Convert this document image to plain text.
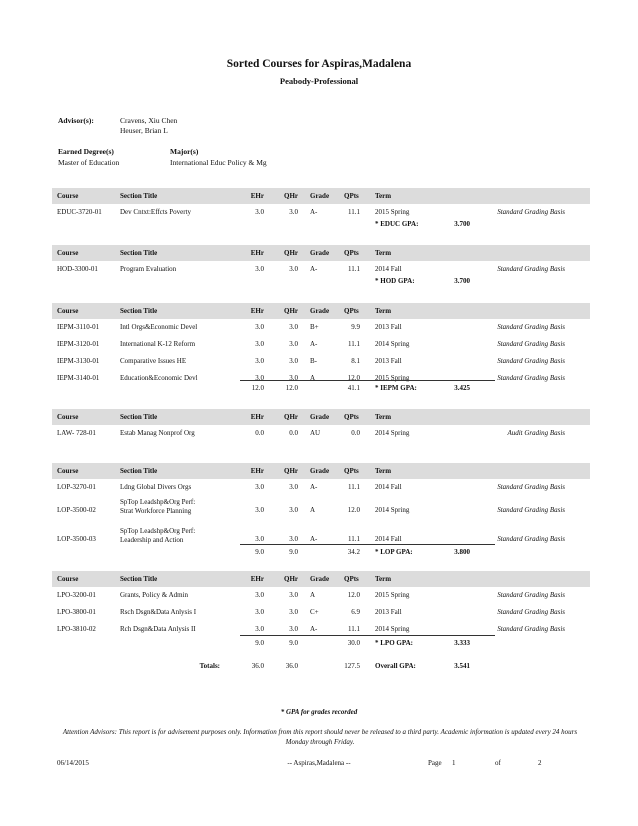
Sorted Courses for Aspiras,Madalena
Peabody-Professional
Advisor(s):	Cravens, Xiu Chen
Heuser, Brian L
Earned Degree(s)	Major(s)
Master of Education	International Educ Policy & Mg
Course	Section Title	EHr	QHr Grade QPts Term
EDUC-3720-01	Dev Cntxt:Effcts Poverty	3.0	3.0 A-	11.1 2015 Spring	Standard Grading Basis
* EDUC GPA:	3.700
Course	Section Title	EHr	QHr Grade QPts Term
HOD-3300-01	Program Evaluation	3.0	3.0 A-	11.1 2014 Fall	Standard Grading Basis
* HOD GPA:	3.700
Course	Section Title	EHr	QHr Grade QPts Term
IEPM-3110-01	Intl Orgs&Economic Devel	3.0	3.0 B+	9.9 2013 Fall	Standard Grading Basis
IEPM-3120-01	International K-12 Reform	3.0	3.0 A-	11.1 2014 Spring	Standard Grading Basis
IEPM-3130-01	Comparative Issues HE	3.0	3.0 B-	8.1 2013 Fall	Standard Grading Basis
IEPM-3140-01	Education&Economic Devl	3.0	3.0 A	12.0 2015 Spring	Standard Grading Basis
12.0	12.0	41.1 * IEPM GPA:	3.425
Course	Section Title	EHr	QHr Grade QPts Term
LAW- 728-01	Estab Manag Nonprof Org	0.0	0.0 AU	0.0 2014 Spring	Audit Grading Basis
Course	Section Title	EHr	QHr Grade QPts Term
LOP-3270-01	Ldng Global Divers Orgs	3.0	3.0 A-	11.1 2014 Fall	Standard Grading Basis
LOP-3500-02
SpTop Leadshp&Org Perf:
Strat Workforce Planning	3.0	3.0 A	12.0 2014 Spring	Standard Grading Basis
LOP-3500-03
SpTop Leadshp&Org Perf:
Leadership and Action	3.0	3.0 A-	11.1 2014 Fall	Standard Grading Basis
9.0	9.0	34.2 * LOP GPA:	3.800
Course	Section Title	EHr	QHr Grade QPts Term
LPO-3200-01	Grants, Policy & Admin	3.0	3.0 A	12.0 2015 Spring	Standard Grading Basis
LPO-3800-01	Rsch Dsgn&Data Anlysis I	3.0	3.0 C+	6.9 2013 Fall	Standard Grading Basis
LPO-3810-02	Rch Dsgn&Data Anlysis II	3.0	3.0 A-	11.1 2014 Spring	Standard Grading Basis
9.0	9.0	30.0 * LPO GPA:	3.333
Totals:	36.0	36.0	127.5 Overall GPA:	3.541
* GPA for grades recorded
Attention Advisors: This report is for advisement purposes only. Information from this report should never be released to a third party. Academic information is updated every 24 hours Monday through Friday.
06/14/2015	-- Aspiras,Madalena --	Page 1	of	2
